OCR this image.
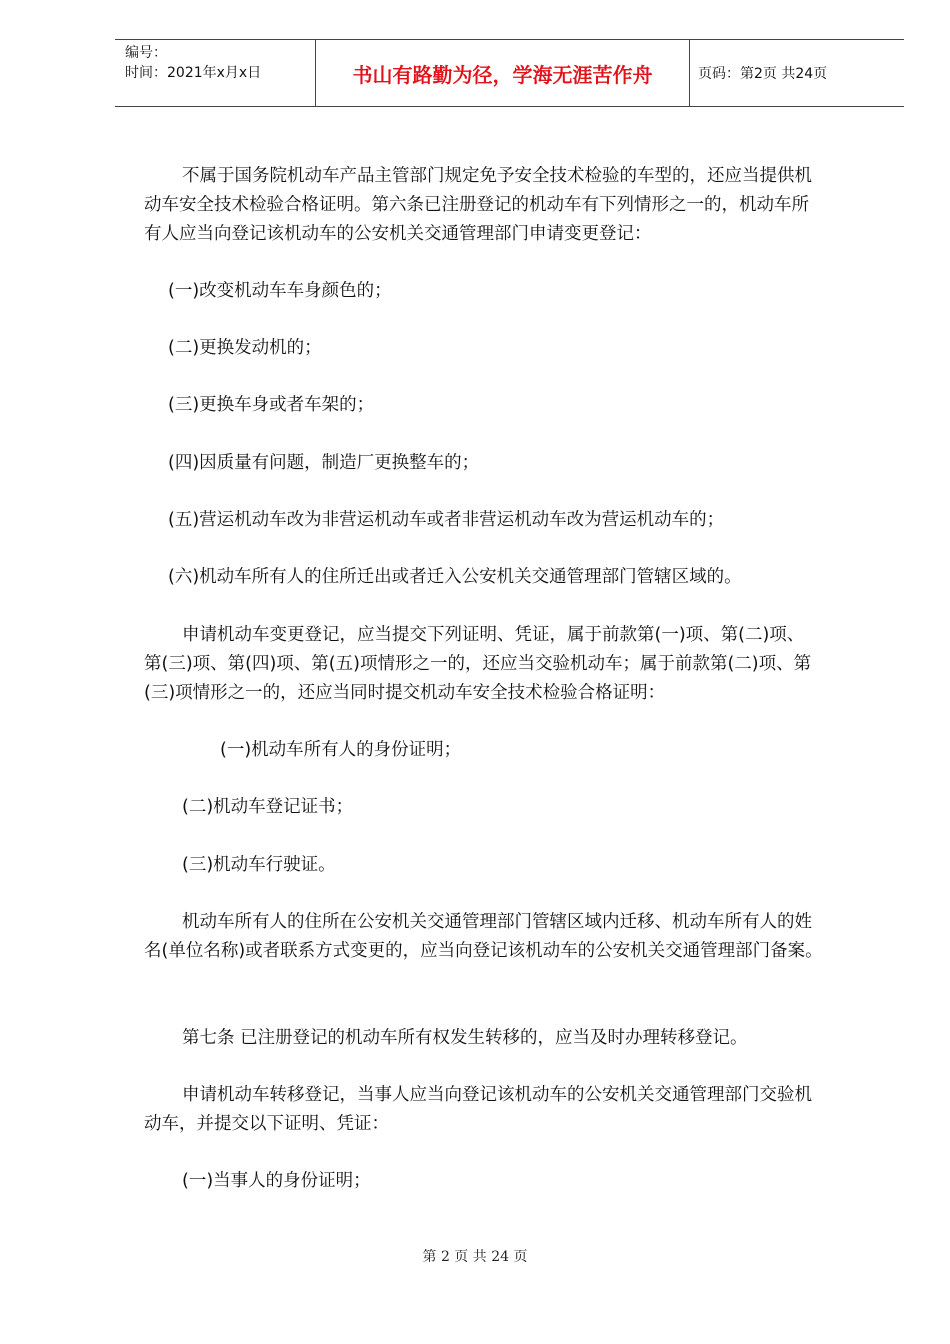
编号：
时间：2021年x月x日	书山有路勤为径，学海无涯苦作舟	页码：第2页 共24页
不属于国务院机动车产品主管部门规定免予安全技术检验的车型的，还应当提供机
动车安全技术检验合格证明。第六条已注册登记的机动车有下列情形之一的，机动车所
有人应当向登记该机动车的公安机关交通管理部门申请变更登记：
(一)改变机动车车身颜色的；
(二)更换发动机的；
(三)更换车身或者车架的；
(四)因质量有问题，制造厂更换整车的；
(五)营运机动车改为非营运机动车或者非营运机动车改为营运机动车的；
(六)机动车所有人的住所迁出或者迁入公安机关交通管理部门管辖区域的。
申请机动车变更登记，应当提交下列证明、凭证，属于前款第(一)项、第(二)项、
第(三)项、第(四)项、第(五)项情形之一的，还应当交验机动车；属于前款第(二)项、第
(三)项情形之一的，还应当同时提交机动车安全技术检验合格证明：
(一)机动车所有人的身份证明；
(二)机动车登记证书；
(三)机动车行驶证。
机动车所有人的住所在公安机关交通管理部门管辖区域内迁移、机动车所有人的姓
名(单位名称)或者联系方式变更的，应当向登记该机动车的公安机关交通管理部门备案。
第七条 已注册登记的机动车所有权发生转移的，应当及时办理转移登记。
申请机动车转移登记，当事人应当向登记该机动车的公安机关交通管理部门交验机
动车，并提交以下证明、凭证：
(一)当事人的身份证明；
第 2 页 共 24 页
